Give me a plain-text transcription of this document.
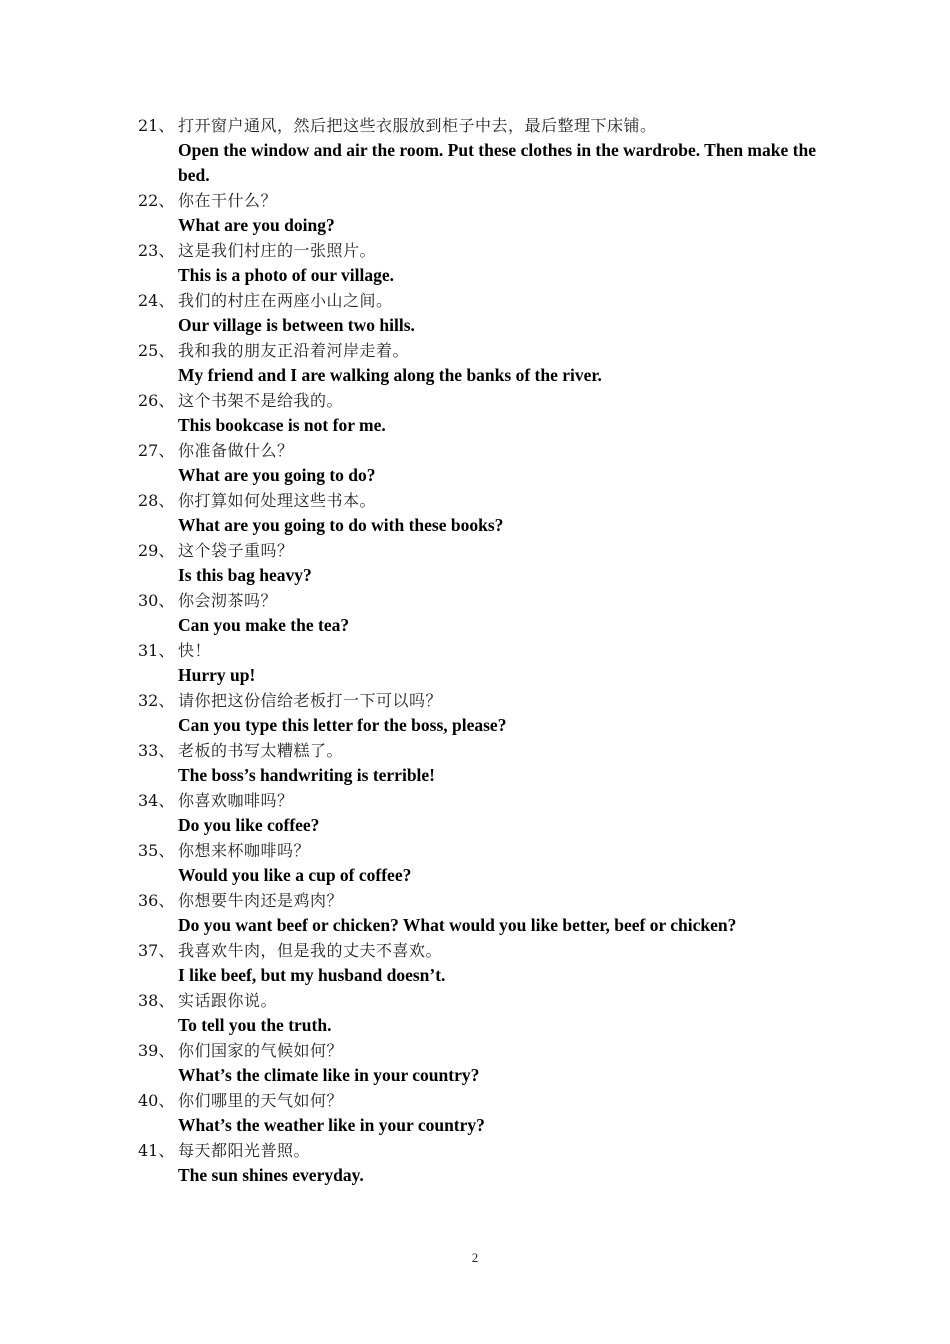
21、 打开窗户通风，然后把这些衣服放到柜子中去，最后整理下床铺。
Open the window and air the room. Put these clothes in the wardrobe. Then make the bed.
22、 你在干什么？
What are you doing?
23、 这是我们村庄的一张照片。
This is a photo of our village.
24、 我们的村庄在两座小山之间。
Our village is between two hills.
25、 我和我的朋友正沿着河岸走着。
My friend and I are walking along the banks of the river.
26、 这个书架不是给我的。
This bookcase is not for me.
27、 你准备做什么？
What are you going to do?
28、 你打算如何处理这些书本。
What are you going to do with these books?
29、 这个袋子重吗？
Is this bag heavy?
30、 你会沏茶吗？
Can you make the tea?
31、 快！
Hurry up!
32、 请你把这份信给老板打一下可以吗？
Can you type this letter for the boss, please?
33、 老板的书写太糟糕了。
The boss’s handwriting is terrible!
34、 你喜欢咖啡吗？
Do you like coffee?
35、 你想来杯咖啡吗？
Would you like a cup of coffee?
36、 你想要牛肉还是鸡肉？
Do you want beef or chicken? What would you like better, beef or chicken?
37、 我喜欢牛肉，但是我的丈夫不喜欢。
I like beef, but my husband doesn’t.
38、 实话跟你说。
To tell you the truth.
39、 你们国家的气候如何？
What’s the climate like in your country?
40、 你们哪里的天气如何？
What’s the weather like in your country?
41、 每天都阳光普照。
The sun shines everyday.
2
